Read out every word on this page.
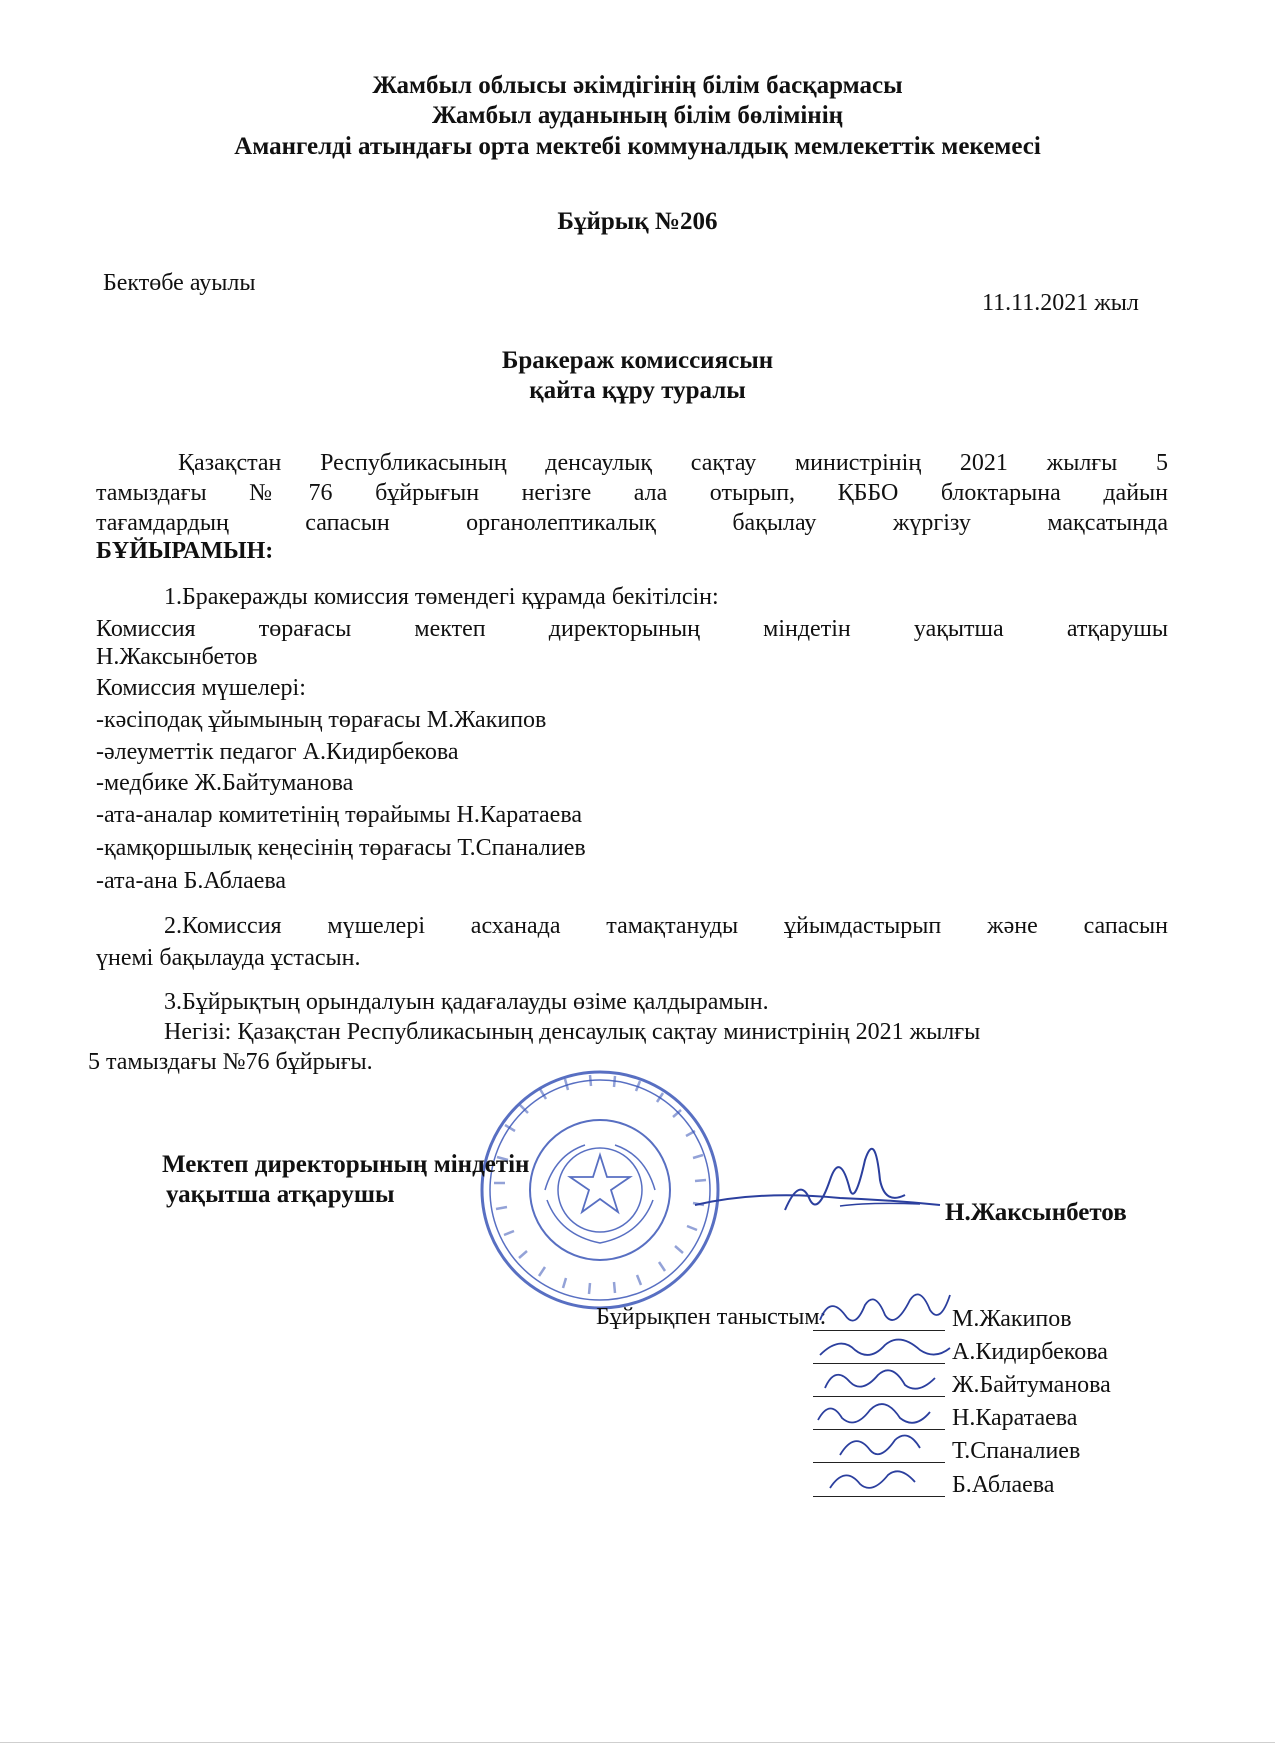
Жамбыл облысы әкімдігінің білім басқармасы
Жамбыл ауданының білім бөлімінің
Амангелді атындағы орта мектебі коммуналдық мемлекеттік мекемесі
Бұйрық №206
Бектөбе ауылы
11.11.2021 жыл
Бракераж комиссиясын
қайта құру туралы
Қазақстан Республикасының денсаулық сақтау министрінің 2021 жылғы 5
тамыздағы №76 бұйрығын негізге ала отырып, ҚББО блоктарына дайын
тағамдардың сапасын органолептикалық бақылау жүргізу мақсатында
БҰЙЫРАМЫН:
1.Бракеражды комиссия төмендегі құрамда бекітілсін:
Комиссия төрағасы мектеп директорының міндетін уақытша атқарушы
Н.Жаксынбетов
Комиссия мүшелері:
-кәсіподақ ұйымының төрағасы М.Жакипов
-әлеуметтік педагог А.Кидирбекова
-медбике Ж.Байтуманова
-ата-аналар комитетінің төрайымы Н.Каратаева
-қамқоршылық кеңесінің төрағасы Т.Спаналиев
-ата-ана Б.Аблаева
2.Комиссия мүшелері асханада тамақтануды ұйымдастырып және сапасын
үнемі бақылауда ұстасын.
3.Бұйрықтың орындалуын қадағалауды өзіме қалдырамын.
Негізі: Қазақстан Республикасының денсаулық сақтау министрінің 2021 жылғы
5 тамыздағы №76 бұйрығы.
Мектеп директорының міндетін
уақытша атқарушы
Н.Жаксынбетов
Бұйрықпен таныстым:	М.Жакипов
А.Кидирбекова
Ж.Байтуманова
Н.Каратаева
Т.Спаналиев
Б.Аблаева
